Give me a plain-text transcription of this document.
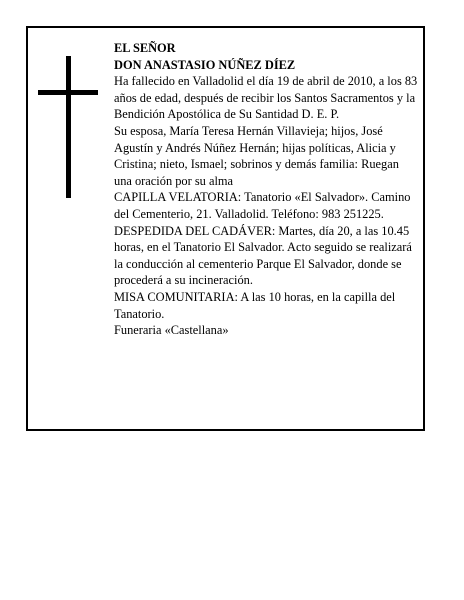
EL SEÑOR

DON ANASTASIO NÚÑEZ DÍEZ

Ha fallecido en Valladolid el día 19 de abril de 2010, a los 83 años de edad, después de recibir los Santos Sacramentos y la Bendición Apostólica de Su Santidad D. E. P.

Su esposa, María Teresa Hernán Villavieja; hijos, José Agustín y Andrés Núñez Hernán; hijas políticas, Alicia y Cristina; nieto, Ismael; sobrinos y demás familia: Ruegan una oración por su alma

CAPILLA VELATORIA: Tanatorio «El Salvador». Camino del Cementerio, 21. Valladolid. Teléfono: 983 251225.

DESPEDIDA DEL CADÁVER: Martes, día 20, a las 10.45 horas, en el Tanatorio El Salvador. Acto seguido se realizará la conducción al cementerio Parque El Salvador, donde se procederá a su incineración.

MISA COMUNITARIA: A las 10 horas, en la capilla del Tanatorio.

Funeraria «Castellana»
